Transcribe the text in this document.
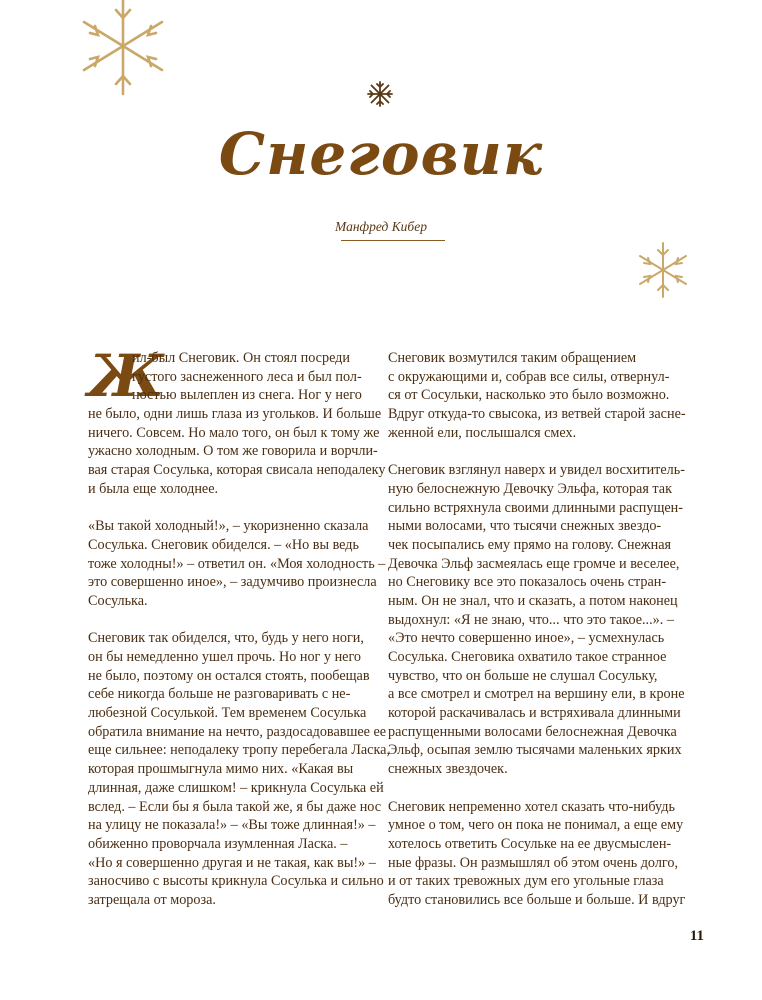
Снеговик
Манфред Кибер
Ж
ил-был Снеговик. Он стоял посреди
густого заснеженного леса и был пол-
ностью вылеплен из снега. Ног у него
не было, одни лишь глаза из угольков. И больше
ничего. Совсем. Но мало того, он был к тому же
ужасно холодным. О том же говорила и ворчли-
вая старая Сосулька, которая свисала неподалеку
и была еще холоднее.
«Вы такой холодный!», – укоризненно сказала
Сосулька. Снеговик обиделся. – «Но вы ведь
тоже холодны!» – ответил он. «Моя холодность –
это совершенно иное», – задумчиво произнесла
Сосулька.
Снеговик так обиделся, что, будь у него ноги,
он бы немедленно ушел прочь. Но ног у него
не было, поэтому он остался стоять, пообещав
себе никогда больше не разговаривать с не-
любезной Сосулькой. Тем временем Сосулька
обратила внимание на нечто, раздосадовавшее ее
еще сильнее: неподалеку тропу перебегала Ласка,
которая прошмыгнула мимо них. «Какая вы
длинная, даже слишком! – крикнула Сосулька ей
вслед. – Если бы я была такой же, я бы даже нос
на улицу не показала!» – «Вы тоже длинная!» –
обиженно проворчала изумленная Ласка. –
«Но я совершенно другая и не такая, как вы!» –
заносчиво с высоты крикнула Сосулька и сильно
затрещала от мороза.
Снеговик возмутился таким обращением
с окружающими и, собрав все силы, отвернул-
ся от Сосульки, насколько это было возможно.
Вдруг откуда-то свысока, из ветвей старой засне-
женной ели, послышался смех.
Снеговик взглянул наверх и увидел восхититель-
ную белоснежную Девочку Эльфа, которая так
сильно встряхнула своими длинными распущен-
ными волосами, что тысячи снежных звездо-
чек посыпались ему прямо на голову. Снежная
Девочка Эльф засмеялась еще громче и веселее,
но Снеговику все это показалось очень стран-
ным. Он не знал, что и сказать, а потом наконец
выдохнул: «Я не знаю, что... что это такое...». –
«Это нечто совершенно иное», – усмехнулась
Сосулька. Снеговика охватило такое странное
чувство, что он больше не слушал Сосульку,
а все смотрел и смотрел на вершину ели, в кроне
которой раскачивалась и встряхивала длинными
распущенными волосами белоснежная Девочка
Эльф, осыпая землю тысячами маленьких ярких
снежных звездочек.
Снеговик непременно хотел сказать что-нибудь
умное о том, чего он пока не понимал, а еще ему
хотелось ответить Сосульке на ее двусмыслен-
ные фразы. Он размышлял об этом очень долго,
и от таких тревожных дум его угольные глаза
будто становились все больше и больше. И вдруг
11
